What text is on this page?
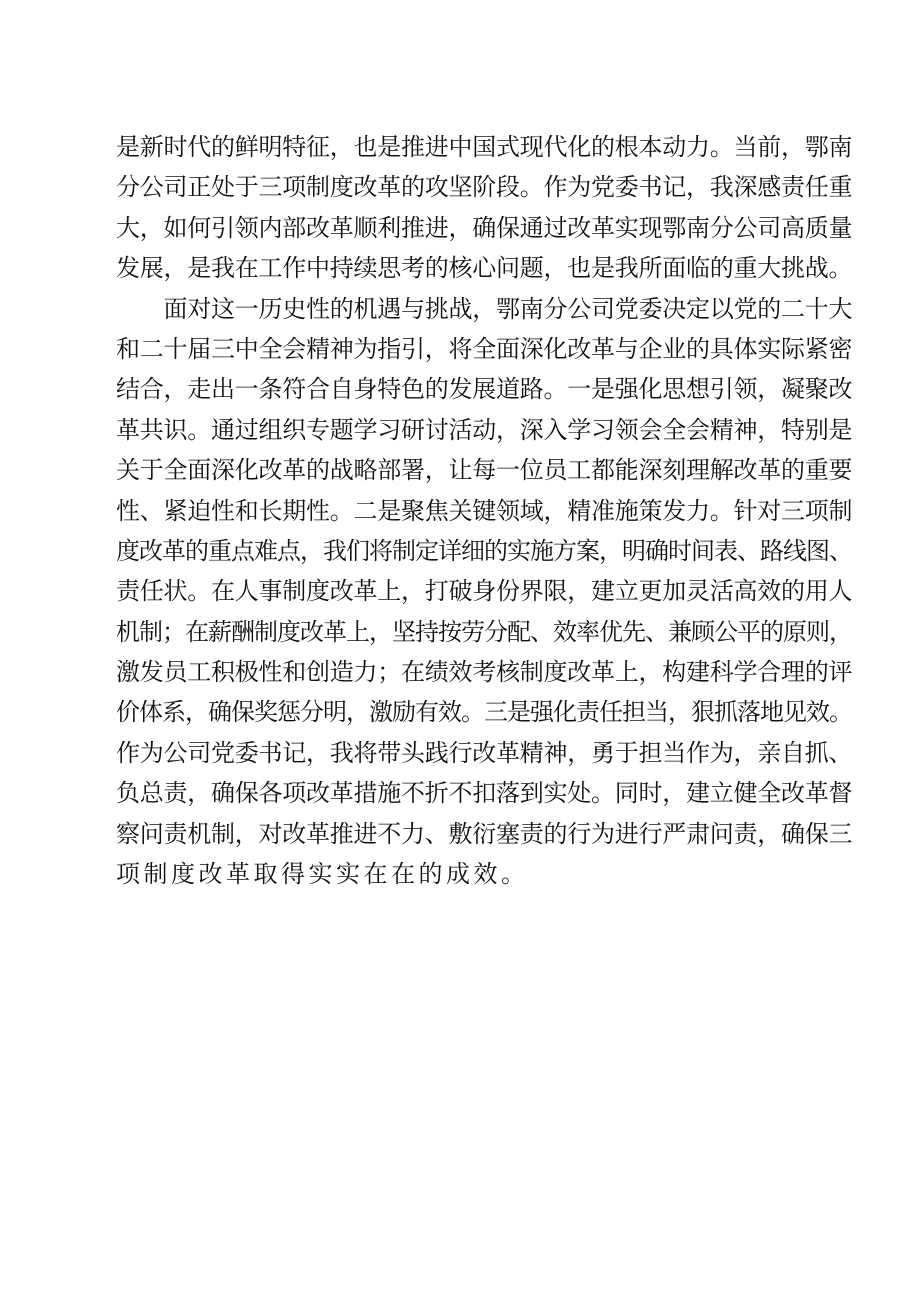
是新时代的鲜明特征，也是推进中国式现代化的根本动力。当前，鄂南
分公司正处于三项制度改革的攻坚阶段。作为党委书记，我深感责任重
大，如何引领内部改革顺利推进，确保通过改革实现鄂南分公司高质量
发展，是我在工作中持续思考的核心问题，也是我所面临的重大挑战。
　　面对这一历史性的机遇与挑战，鄂南分公司党委决定以党的二十大
和二十届三中全会精神为指引，将全面深化改革与企业的具体实际紧密
结合，走出一条符合自身特色的发展道路。一是强化思想引领，凝聚改
革共识。通过组织专题学习研讨活动，深入学习领会全会精神，特别是
关于全面深化改革的战略部署，让每一位员工都能深刻理解改革的重要
性、紧迫性和长期性。二是聚焦关键领域，精准施策发力。针对三项制
度改革的重点难点，我们将制定详细的实施方案，明确时间表、路线图、
责任状。在人事制度改革上，打破身份界限，建立更加灵活高效的用人
机制；在薪酬制度改革上，坚持按劳分配、效率优先、兼顾公平的原则，
激发员工积极性和创造力；在绩效考核制度改革上，构建科学合理的评
价体系，确保奖惩分明，激励有效。三是强化责任担当，狠抓落地见效。
作为公司党委书记，我将带头践行改革精神，勇于担当作为，亲自抓、
负总责，确保各项改革措施不折不扣落到实处。同时，建立健全改革督
察问责机制，对改革推进不力、敷衍塞责的行为进行严肃问责，确保三
项制度改革取得实实在在的成效。
